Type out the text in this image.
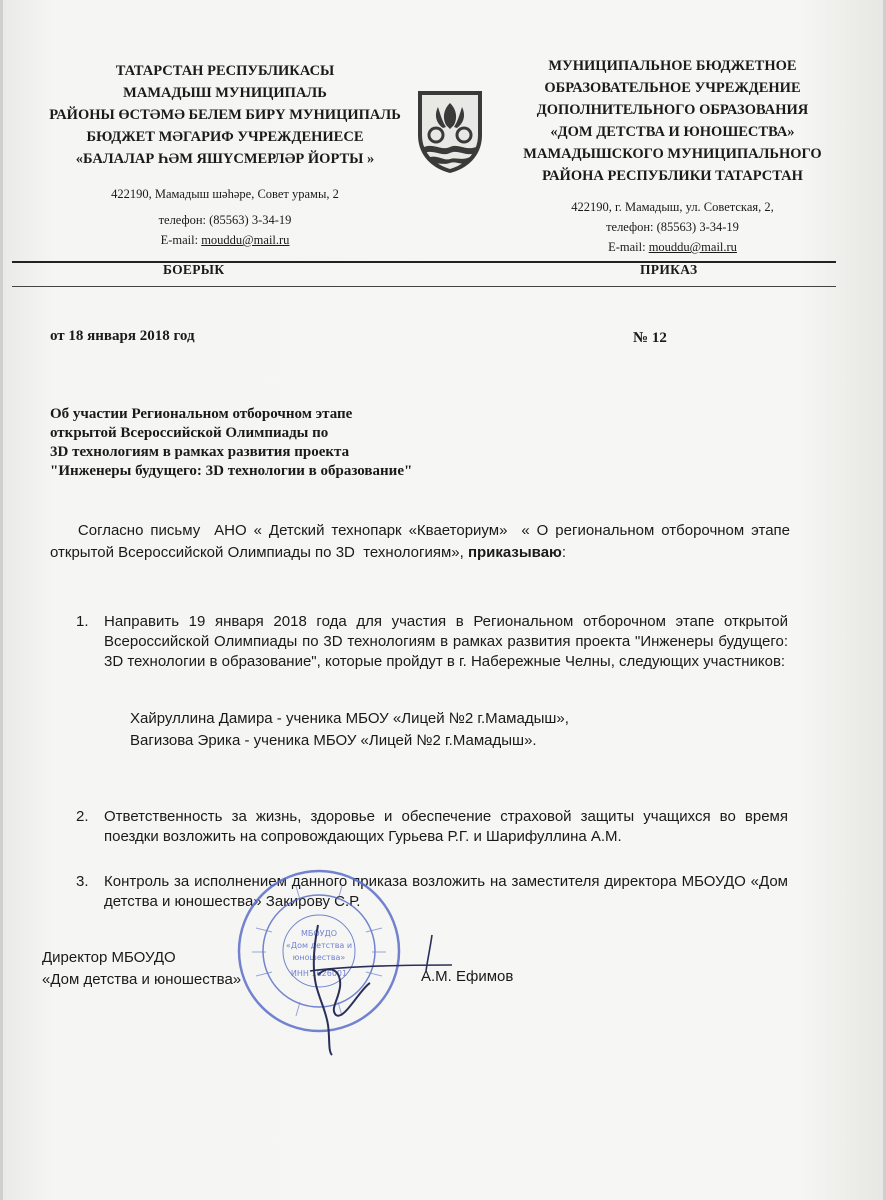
ТАТАРСТАН РЕСПУБЛИКАСЫ
МАМАДЫШ МУНИЦИПАЛЬ
РАЙОНЫ ӨСТӘМӘ БЕЛЕМ БИРҮ МУНИЦИПАЛЬ
БЮДЖЕТ МӘГАРИФ УЧРЕЖДЕНИЕСЕ
«БАЛАЛАР ҺӘМ ЯШҮСМЕРЛӘР ЙОРТЫ »
422190, Мамадыш шәһәре, Совет урамы, 2
телефон: (85563) 3-34-19
E-mail: mouddu@mail.ru
МУНИЦИПАЛЬНОЕ БЮДЖЕТНОЕ
ОБРАЗОВАТЕЛЬНОЕ УЧРЕЖДЕНИЕ
ДОПОЛНИТЕЛЬНОГО ОБРАЗОВАНИЯ
«ДОМ ДЕТСТВА И ЮНОШЕСТВА»
МАМАДЫШСКОГО МУНИЦИПАЛЬНОГО
РАЙОНА РЕСПУБЛИКИ ТАТАРСТАН
422190, г. Мамадыш, ул. Советская, 2,
телефон: (85563) 3-34-19
E-mail: mouddu@mail.ru
БОЕРЫК	ПРИКАЗ
от 18 января 2018 год	№ 12
Об участии Региональном отборочном этапе
открытой Всероссийской Олимпиады по
3D технологиям в рамках развития проекта
"Инженеры будущего: 3D технологии в образование"
Согласно письму  АНО « Детский технопарк «Кваеториум»  « О региональном отборочном этапе открытой Всероссийской Олимпиады по 3D  технологиям», приказываю:
1. Направить 19 января 2018 года для участия в Региональном отборочном этапе открытой Всероссийской Олимпиады по 3D технологиям в рамках развития проекта "Инженеры будущего: 3D технологии в образование", которые пройдут в г. Набережные Челны, следующих участников:
Хайруллина Дамира - ученика МБОУ «Лицей №2 г.Мамадыш»,
Вагизова Эрика - ученика МБОУ «Лицей №2 г.Мамадыш».
2. Ответственность за жизнь, здоровье и обеспечение страховой защиты учащихся во время поездки возложить на сопровождающих Гурьева Р.Г. и Шарифуллина А.М.
3. Контроль за исполнением данного приказа возложить на заместителя директора МБОУДО «Дом детства и юношества» Закирову С.Р.
МБОУДО
«Дом детства и
юношества»
ИНН 1626001
Директор МБОУДО
«Дом детства и юношества»	А.М. Ефимов
